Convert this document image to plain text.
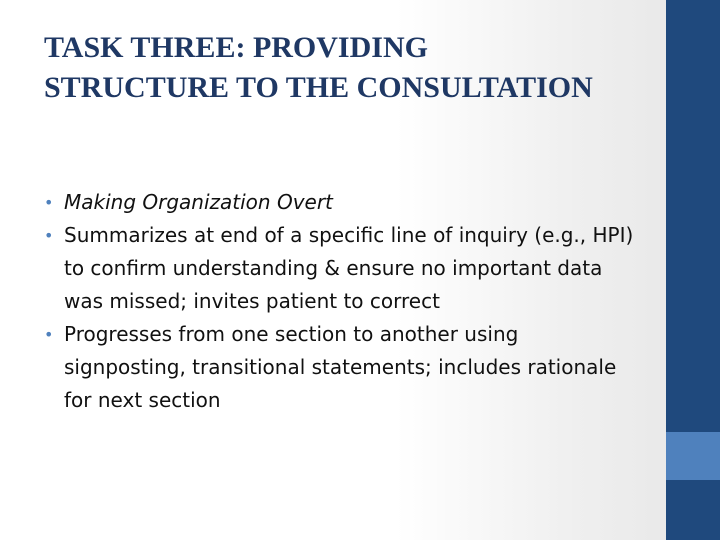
TASK THREE: PROVIDING
STRUCTURE TO THE CONSULTATION
• Making Organization Overt
• Summarizes at end of a specific line of inquiry (e.g., HPI) to confirm understanding & ensure no important data was missed; invites patient to correct
• Progresses from one section to another using signposting, transitional statements; includes rationale for next section
